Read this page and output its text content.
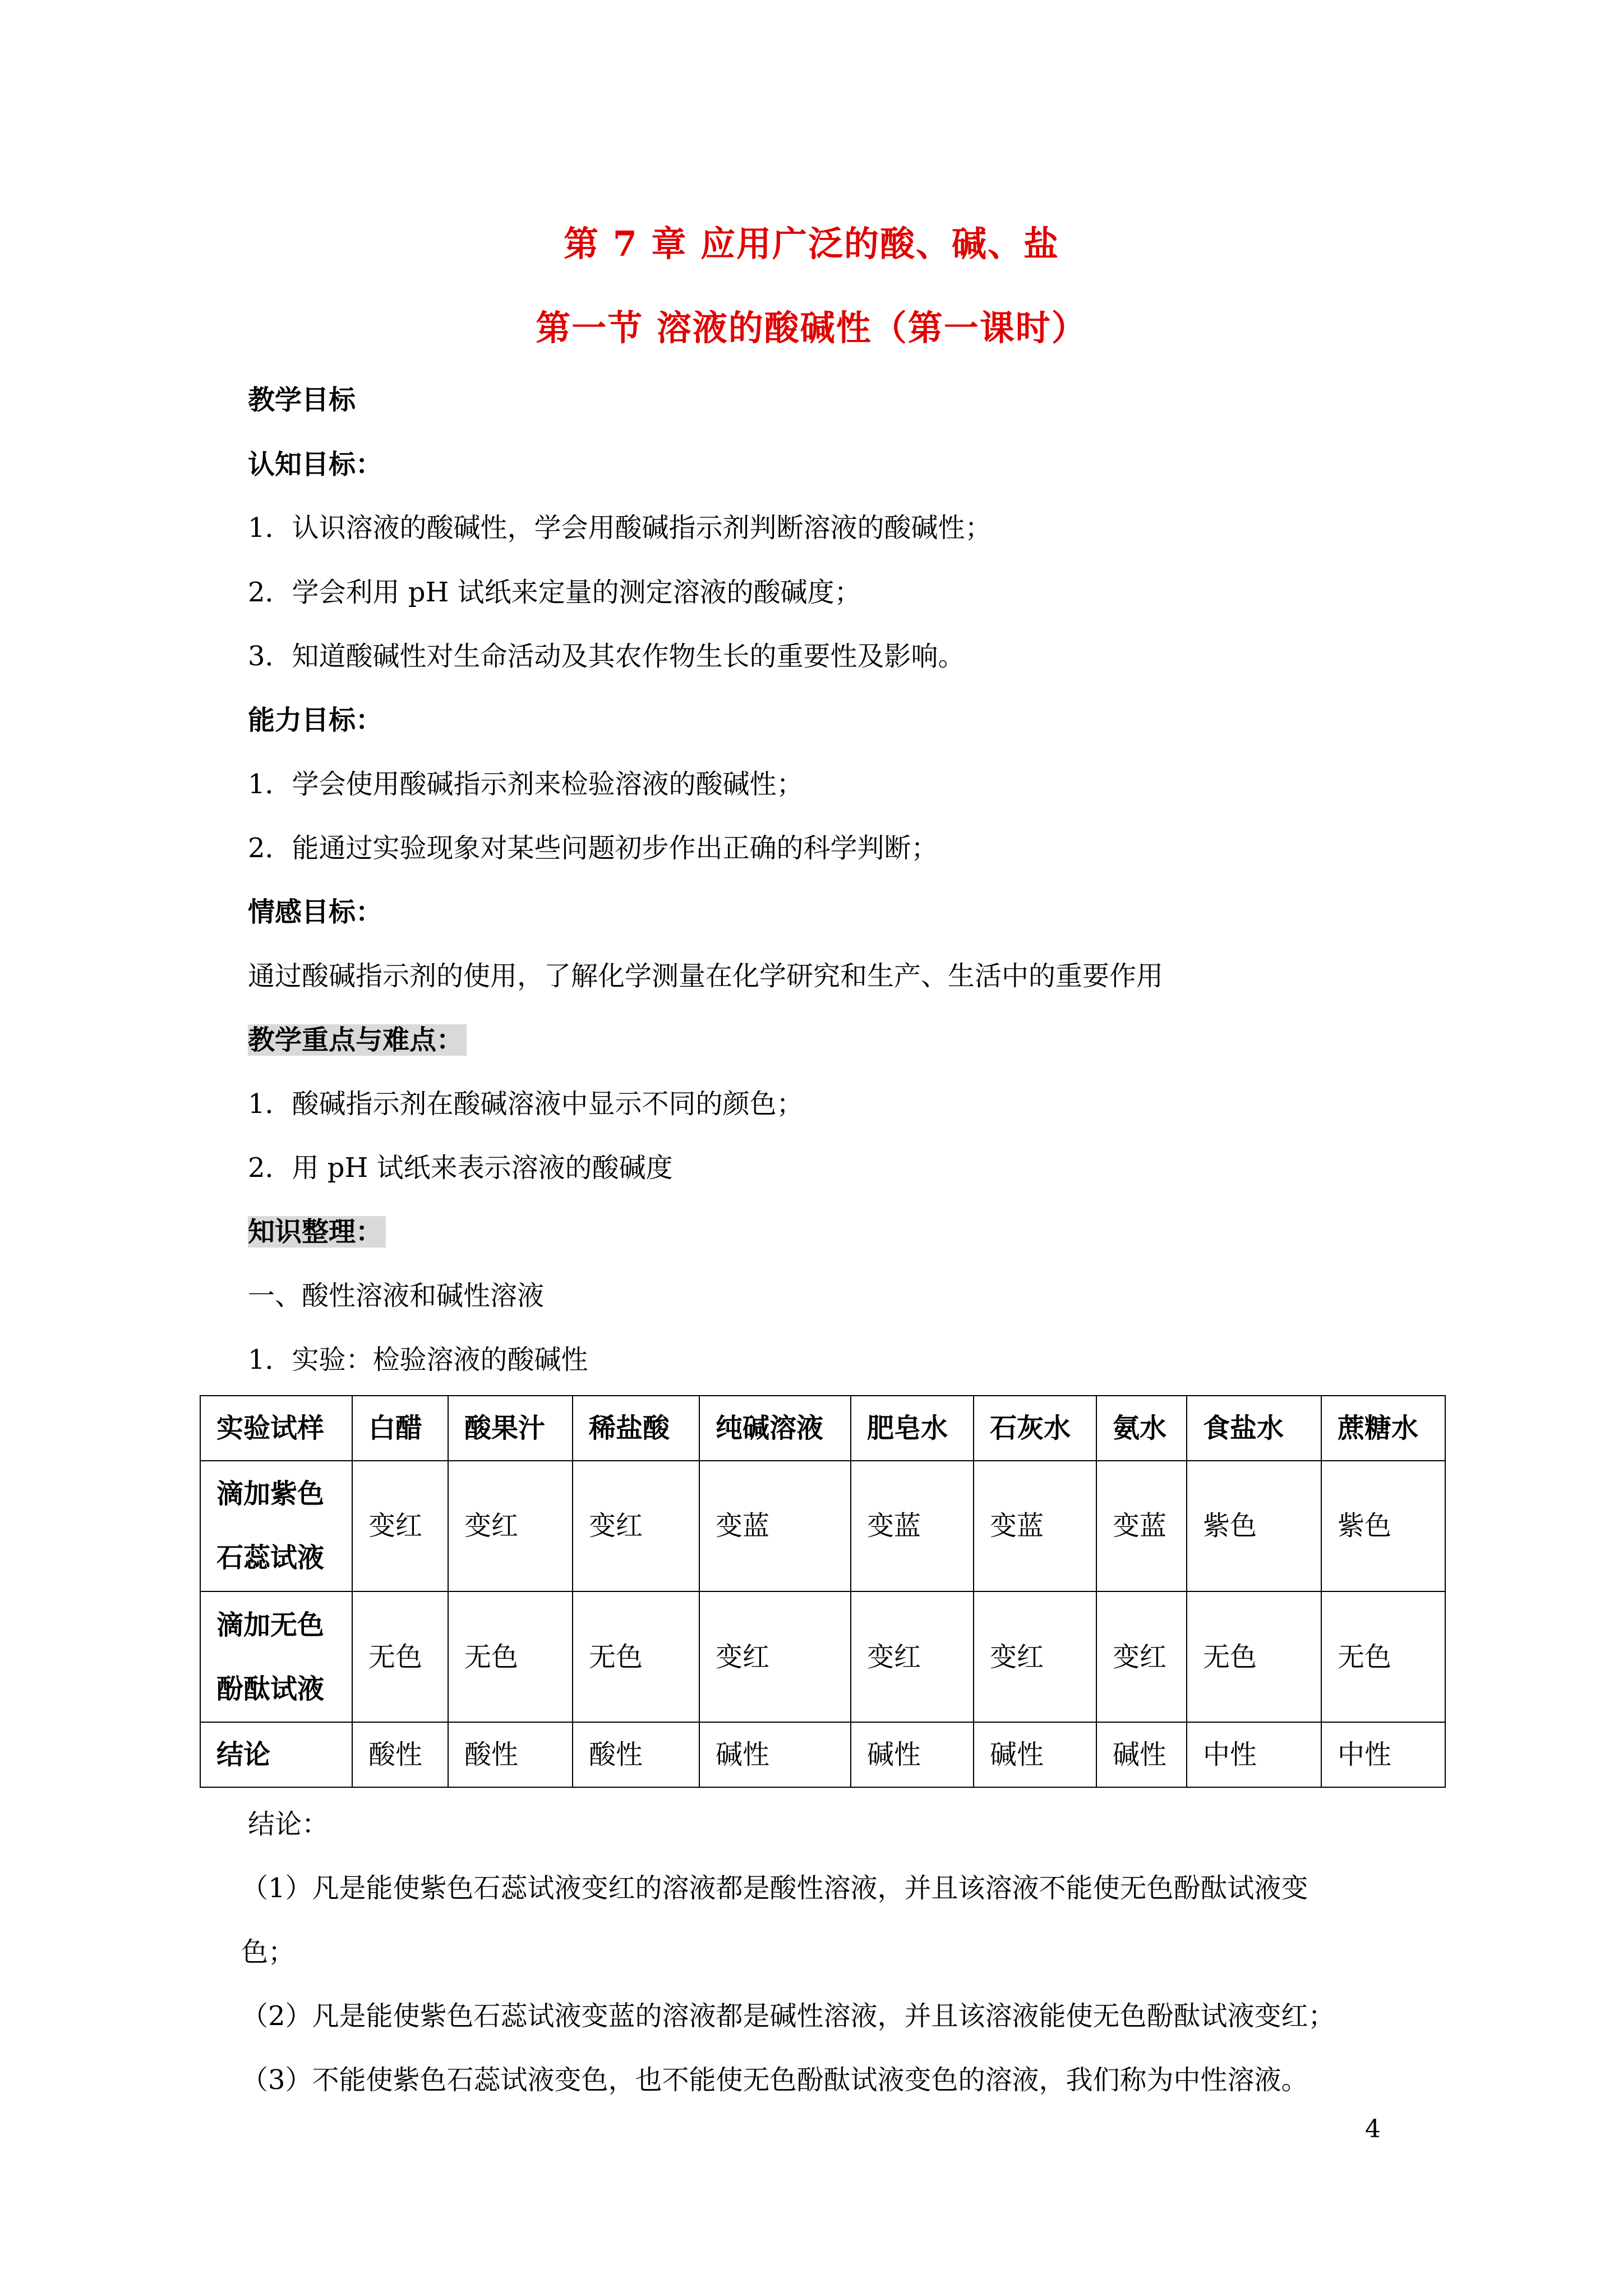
第 7 章 应用广泛的酸、碱、盐
第一节 溶液的酸碱性（第一课时）
教学目标
认知目标：
1．认识溶液的酸碱性，学会用酸碱指示剂判断溶液的酸碱性；
2．学会利用 pH 试纸来定量的测定溶液的酸碱度；
3．知道酸碱性对生命活动及其农作物生长的重要性及影响。
能力目标：
1．学会使用酸碱指示剂来检验溶液的酸碱性；
2．能通过实验现象对某些问题初步作出正确的科学判断；
情感目标：
通过酸碱指示剂的使用，了解化学测量在化学研究和生产、生活中的重要作用
教学重点与难点：
1．酸碱指示剂在酸碱溶液中显示不同的颜色；
2．用 pH 试纸来表示溶液的酸碱度
知识整理：
一、酸性溶液和碱性溶液
1．实验：检验溶液的酸碱性
实验试样	白醋	酸果汁	稀盐酸	纯碱溶液	肥皂水	石灰水	氨水	食盐水	蔗糖水
滴加紫色
石蕊试液	变红	变红	变红	变蓝	变蓝	变蓝	变蓝	紫色	紫色
滴加无色
酚酞试液	无色	无色	无色	变红	变红	变红	变红	无色	无色
结论	酸性	酸性	酸性	碱性	碱性	碱性	碱性	中性	中性
结论：
（1）凡是能使紫色石蕊试液变红的溶液都是酸性溶液，并且该溶液不能使无色酚酞试液变
色；
（2）凡是能使紫色石蕊试液变蓝的溶液都是碱性溶液，并且该溶液能使无色酚酞试液变红；
（3）不能使紫色石蕊试液变色，也不能使无色酚酞试液变色的溶液，我们称为中性溶液。
4
